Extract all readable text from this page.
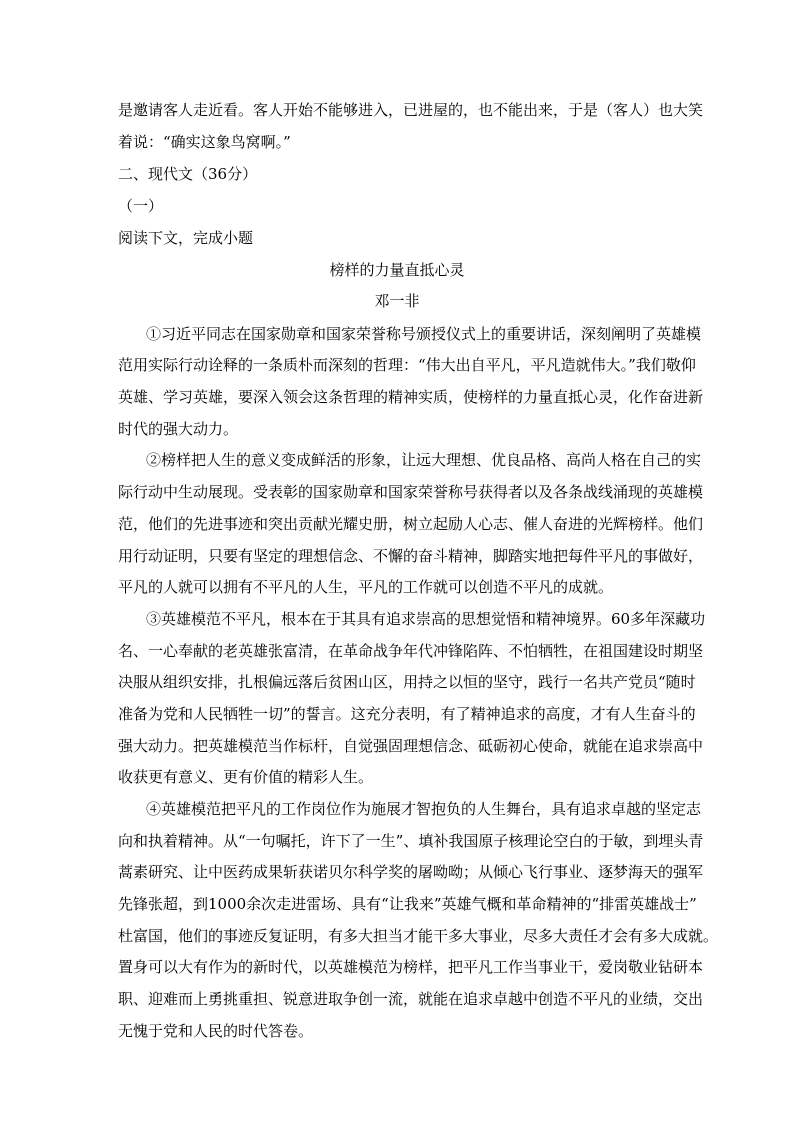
是邀请客人走近看。客人开始不能够进入，已进屋的，也不能出来，于是（客人）也大笑
着说：“确实这象鸟窝啊。”
二、现代文（36分）
（一）
阅读下文，完成小题
榜样的力量直抵心灵
邓一非
①习近平同志在国家勋章和国家荣誉称号颁授仪式上的重要讲话，深刻阐明了英雄模
范用实际行动诠释的一条质朴而深刻的哲理：“伟大出自平凡，平凡造就伟大。”我们敬仰
英雄、学习英雄，要深入领会这条哲理的精神实质，使榜样的力量直抵心灵，化作奋进新
时代的强大动力。
②榜样把人生的意义变成鲜活的形象，让远大理想、优良品格、高尚人格在自己的实
际行动中生动展现。受表彰的国家勋章和国家荣誉称号获得者以及各条战线涌现的英雄模
范，他们的先进事迹和突出贡献光耀史册，树立起励人心志、催人奋进的光辉榜样。他们
用行动证明，只要有坚定的理想信念、不懈的奋斗精神，脚踏实地把每件平凡的事做好，
平凡的人就可以拥有不平凡的人生，平凡的工作就可以创造不平凡的成就。
③英雄模范不平凡，根本在于其具有追求崇高的思想觉悟和精神境界。60多年深藏功
名、一心奉献的老英雄张富清，在革命战争年代冲锋陷阵、不怕牺牲，在祖国建设时期坚
决服从组织安排，扎根偏远落后贫困山区，用持之以恒的坚守，践行一名共产党员“随时
准备为党和人民牺牲一切”的誓言。这充分表明，有了精神追求的高度，才有人生奋斗的
强大动力。把英雄模范当作标杆，自觉强固理想信念、砥砺初心使命，就能在追求崇高中
收获更有意义、更有价值的精彩人生。
④英雄模范把平凡的工作岗位作为施展才智抱负的人生舞台，具有追求卓越的坚定志
向和执着精神。从“一句嘱托，许下了一生”、填补我国原子核理论空白的于敏，到埋头青
蒿素研究、让中医药成果斩获诺贝尔科学奖的屠呦呦；从倾心飞行事业、逐梦海天的强军
先锋张超，到1000余次走进雷场、具有“让我来”英雄气概和革命精神的“排雷英雄战士”
杜富国，他们的事迹反复证明，有多大担当才能干多大事业，尽多大责任才会有多大成就。
置身可以大有作为的新时代，以英雄模范为榜样，把平凡工作当事业干，爱岗敬业钻研本
职、迎难而上勇挑重担、锐意进取争创一流，就能在追求卓越中创造不平凡的业绩，交出
无愧于党和人民的时代答卷。
